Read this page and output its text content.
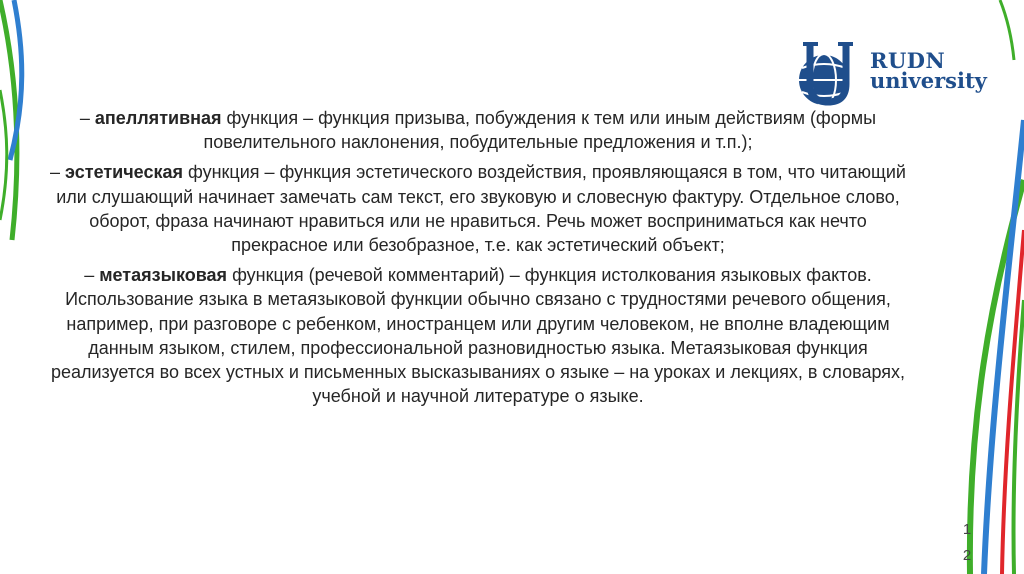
RUDN
university

– апеллятивная функция – функция призыва, побуждения к тем или иным действиям (формы повелительного наклонения, побудительные предложения и т.п.);

– эстетическая функция – функция эстетического воздействия, проявляющаяся в том, что читающий или слушающий начинает замечать сам текст, его звуковую и словесную фактуру. Отдельное слово, оборот, фраза начинают нравиться или не нравиться. Речь может восприниматься как нечто прекрасное или безобразное, т.е. как эстетический объект;

– метаязыковая функция (речевой комментарий) – функция истолкования языковых фактов. Использование языка в метаязыковой функции обычно связано с трудностями речевого общения, например, при разговоре с ребенком, иностранцем или другим человеком, не вполне владеющим данным языком, стилем, профессиональной разновидностью языка. Метаязыковая функция реализуется во всех устных и письменных высказываниях о языке – на уроках и лекциях, в словарях, учебной и научной литературе о языке.

1
2
